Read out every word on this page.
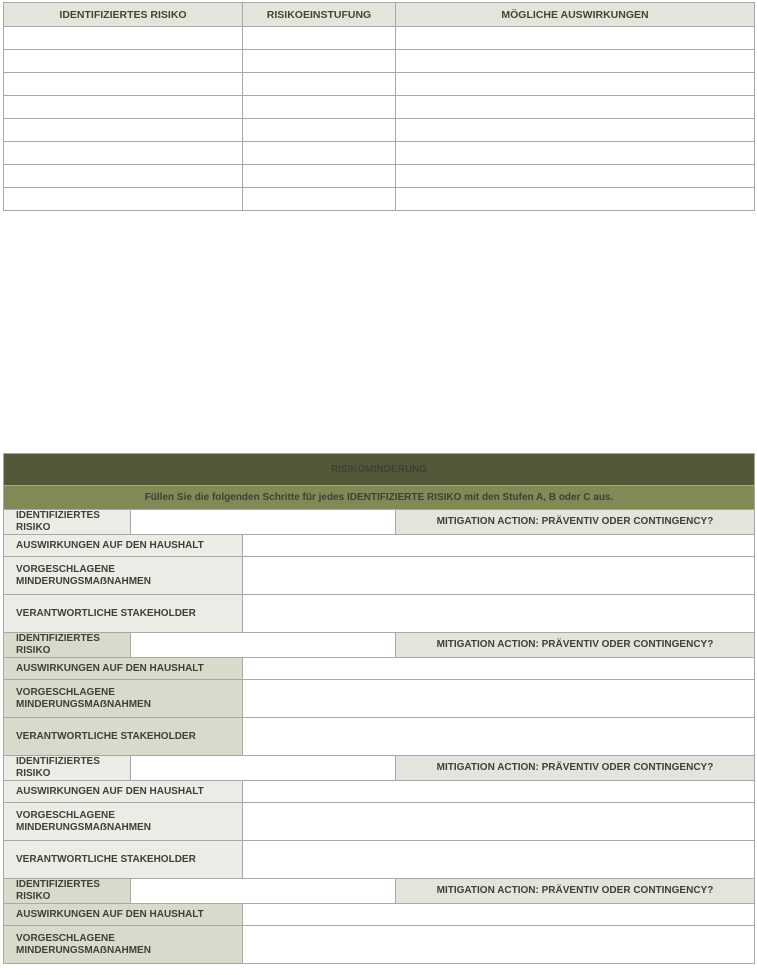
IDENTIFIZIERTES RISIKO	RISIKOEINSTUFUNG	MÖGLICHE AUSWIRKUNGEN

RISIKOMINDERUNG			
Füllen Sie die folgenden Schritte für jedes IDENTIFIZIERTE RISIKO mit den Stufen A, B oder C aus.			
IDENTIFIZIERTES RISIKO			MITIGATION ACTION: PRÄVENTIV ODER CONTINGENCY?
AUSWIRKUNGEN AUF DEN HAUSHALT			
VORGESCHLAGENE MINDERUNGSMAẞNAHMEN			
VERANTWORTLICHE STAKEHOLDER			
IDENTIFIZIERTES RISIKO			MITIGATION ACTION: PRÄVENTIV ODER CONTINGENCY?
AUSWIRKUNGEN AUF DEN HAUSHALT			
VORGESCHLAGENE MINDERUNGSMAẞNAHMEN			
VERANTWORTLICHE STAKEHOLDER			
IDENTIFIZIERTES RISIKO			MITIGATION ACTION: PRÄVENTIV ODER CONTINGENCY?
AUSWIRKUNGEN AUF DEN HAUSHALT			
VORGESCHLAGENE MINDERUNGSMAẞNAHMEN			
VERANTWORTLICHE STAKEHOLDER			
IDENTIFIZIERTES RISIKO			MITIGATION ACTION: PRÄVENTIV ODER CONTINGENCY?
AUSWIRKUNGEN AUF DEN HAUSHALT			
VORGESCHLAGENE MINDERUNGSMAẞNAHMEN			
